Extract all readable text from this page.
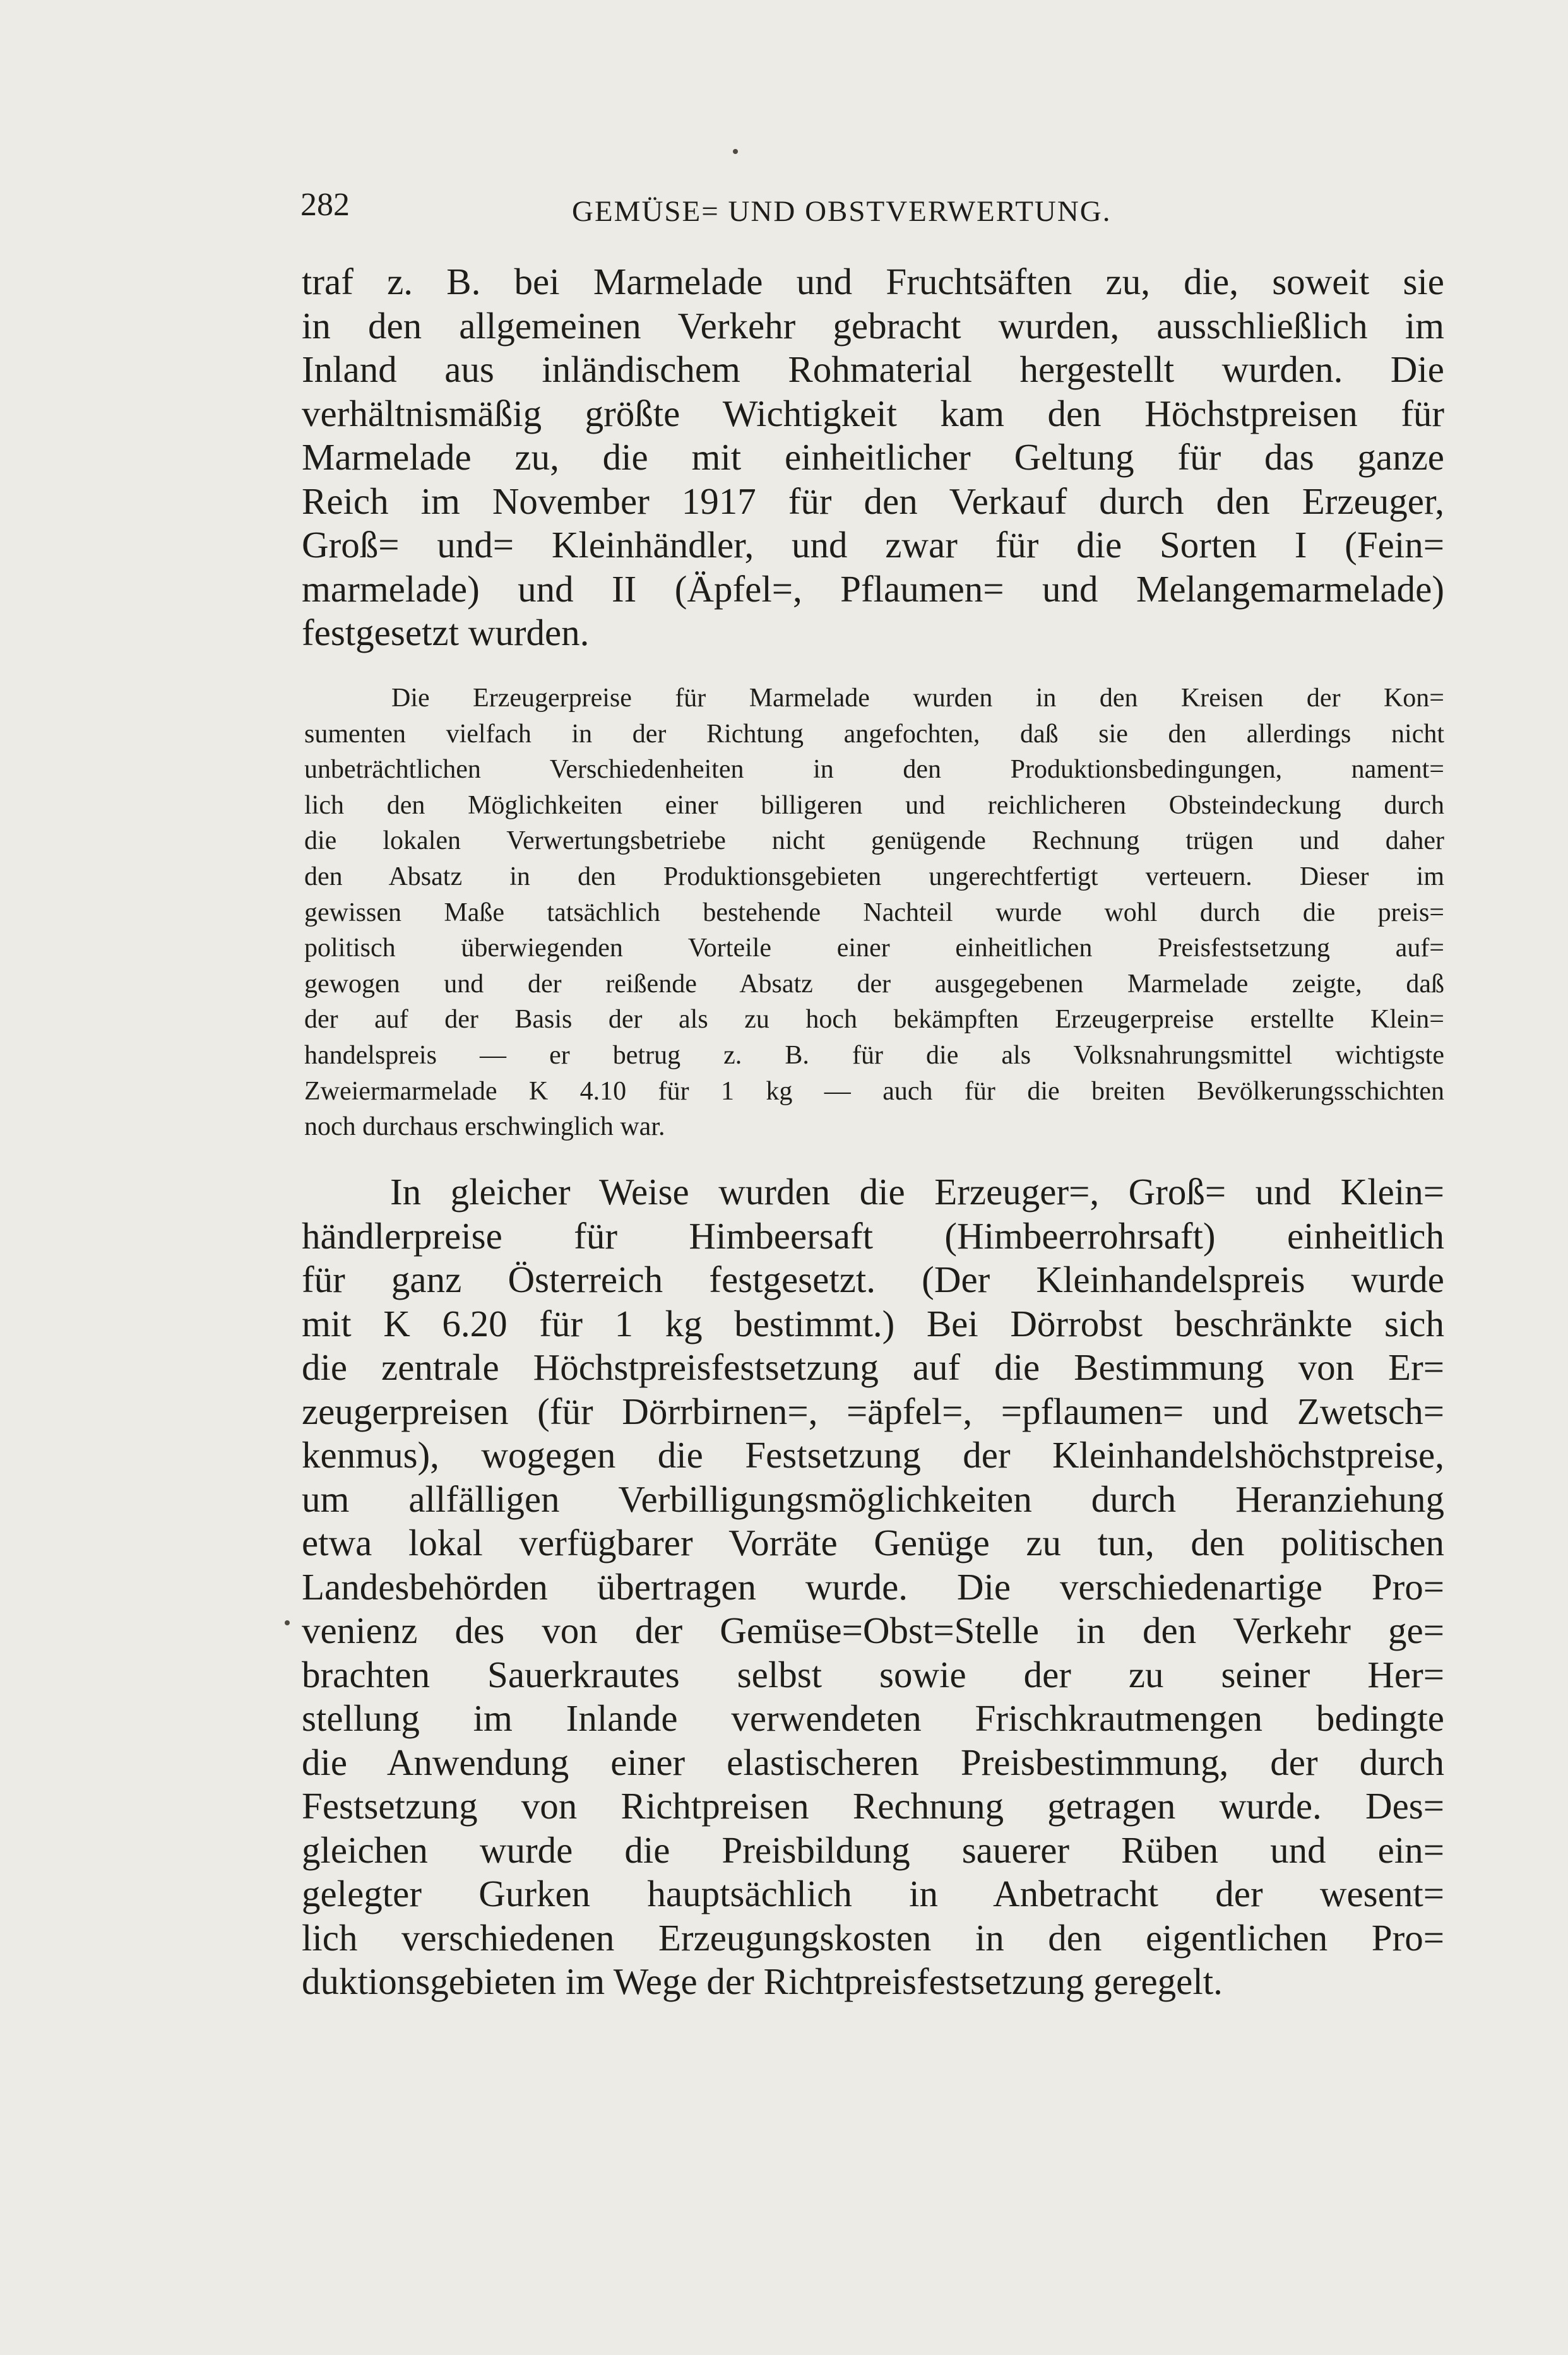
282	GEMÜSE= UND OBSTVERWERTUNG.
traf z. B. bei Marmelade und Fruchtsäften zu, die, soweit sie
in den allgemeinen Verkehr gebracht wurden, ausschließlich im
Inland aus inländischem Rohmaterial hergestellt wurden. Die
verhältnismäßig größte Wichtigkeit kam den Höchstpreisen für
Marmelade zu, die mit einheitlicher Geltung für das ganze
Reich im November 1917 für den Verkauf durch den Erzeuger,
Groß= und= Kleinhändler, und zwar für die Sorten I (Fein=
marmelade) und II (Äpfel=, Pflaumen= und Melangemarmelade)
festgesetzt wurden.
Die Erzeugerpreise für Marmelade wurden in den Kreisen der Kon=
sumenten vielfach in der Richtung angefochten, daß sie den allerdings nicht
unbeträchtlichen Verschiedenheiten in den Produktionsbedingungen, nament=
lich den Möglichkeiten einer billigeren und reichlicheren Obsteindeckung durch
die lokalen Verwertungsbetriebe nicht genügende Rechnung trügen und daher
den Absatz in den Produktionsgebieten ungerechtfertigt verteuern. Dieser im
gewissen Maße tatsächlich bestehende Nachteil wurde wohl durch die preis=
politisch überwiegenden Vorteile einer einheitlichen Preisfestsetzung auf=
gewogen und der reißende Absatz der ausgegebenen Marmelade zeigte, daß
der auf der Basis der als zu hoch bekämpften Erzeugerpreise erstellte Klein=
handelspreis — er betrug z. B. für die als Volksnahrungsmittel wichtigste
Zweiermarmelade K 4.10 für 1 kg — auch für die breiten Bevölkerungsschichten
noch durchaus erschwinglich war.
In gleicher Weise wurden die Erzeuger=, Groß= und Klein=
händlerpreise für Himbeersaft (Himbeerrohrsaft) einheitlich
für ganz Österreich festgesetzt. (Der Kleinhandelspreis wurde
mit K 6.20 für 1 kg bestimmt.) Bei Dörrobst beschränkte sich
die zentrale Höchstpreisfestsetzung auf die Bestimmung von Er=
zeugerpreisen (für Dörrbirnen=, =äpfel=, =pflaumen= und Zwetsch=
kenmus), wogegen die Festsetzung der Kleinhandelshöchstpreise,
um allfälligen Verbilligungsmöglichkeiten durch Heranziehung
etwa lokal verfügbarer Vorräte Genüge zu tun, den politischen
Landesbehörden übertragen wurde. Die verschiedenartige Pro=
venienz des von der Gemüse=Obst=Stelle in den Verkehr ge=
brachten Sauerkrautes selbst sowie der zu seiner Her=
stellung im Inlande verwendeten Frischkrautmengen bedingte
die Anwendung einer elastischeren Preisbestimmung, der durch
Festsetzung von Richtpreisen Rechnung getragen wurde. Des=
gleichen wurde die Preisbildung sauerer Rüben und ein=
gelegter Gurken hauptsächlich in Anbetracht der wesent=
lich verschiedenen Erzeugungskosten in den eigentlichen Pro=
duktionsgebieten im Wege der Richtpreisfestsetzung geregelt.
